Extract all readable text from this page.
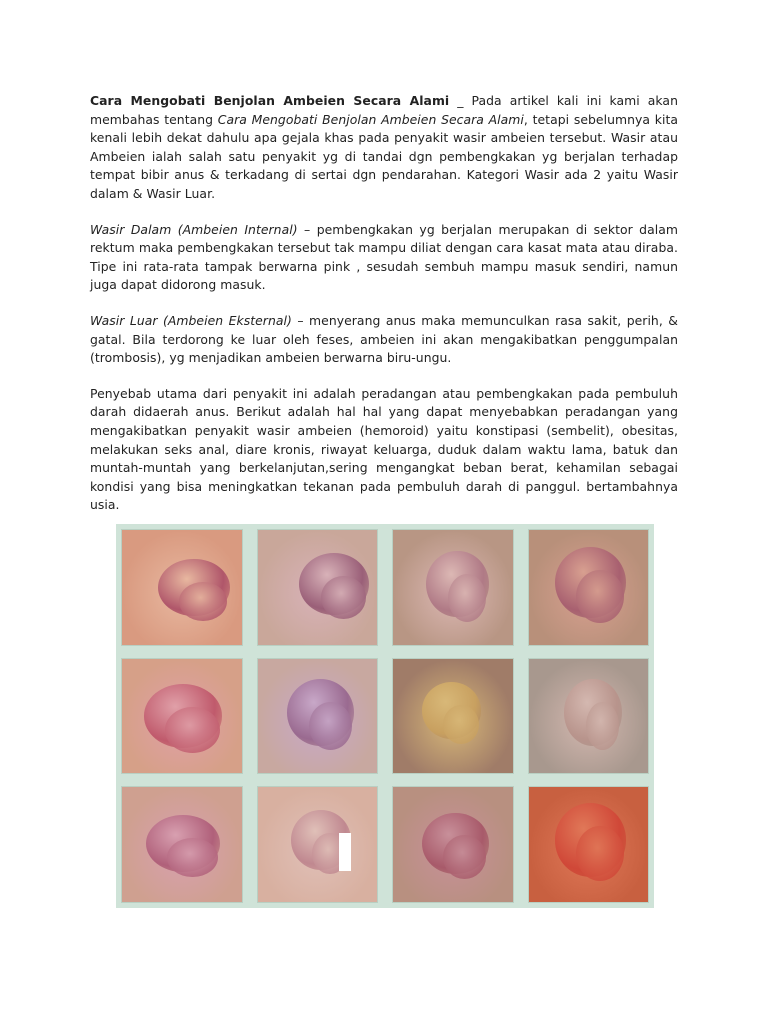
Cara Mengobati Benjolan Ambeien Secara Alami _ Pada artikel kali ini kami akan membahas tentang Cara Mengobati Benjolan Ambeien Secara Alami, tetapi sebelumnya kita kenali lebih dekat dahulu apa gejala khas pada penyakit wasir ambeien tersebut. Wasir atau Ambeien ialah salah satu penyakit yg di tandai dgn pembengkakan yg berjalan terhadap tempat bibir anus & terkadang di sertai dgn pendarahan. Kategori Wasir ada 2 yaitu Wasir dalam & Wasir Luar.

Wasir Dalam (Ambeien Internal) – pembengkakan yg berjalan merupakan di sektor dalam rektum maka pembengkakan tersebut tak mampu diliat dengan cara kasat mata atau diraba. Tipe ini rata-rata tampak berwarna pink , sesudah sembuh mampu masuk sendiri, namun juga dapat didorong masuk.

Wasir Luar (Ambeien Eksternal) – menyerang anus maka memunculkan rasa sakit, perih, & gatal. Bila terdorong ke luar oleh feses, ambeien ini akan mengakibatkan penggumpalan (trombosis), yg menjadikan ambeien berwarna biru-ungu.

Penyebab utama dari penyakit ini adalah peradangan atau pembengkakan pada pembuluh darah didaerah anus. Berikut adalah hal hal yang dapat menyebabkan peradangan yang mengakibatkan penyakit wasir ambeien (hemoroid) yaitu konstipasi (sembelit), obesitas, melakukan seks anal, diare kronis, riwayat keluarga, duduk dalam waktu lama, batuk dan muntah-muntah yang berkelanjutan,sering mengangkat beban berat, kehamilan sebagai kondisi yang bisa meningkatkan tekanan pada pembuluh darah di panggul. bertambahnya usia.
